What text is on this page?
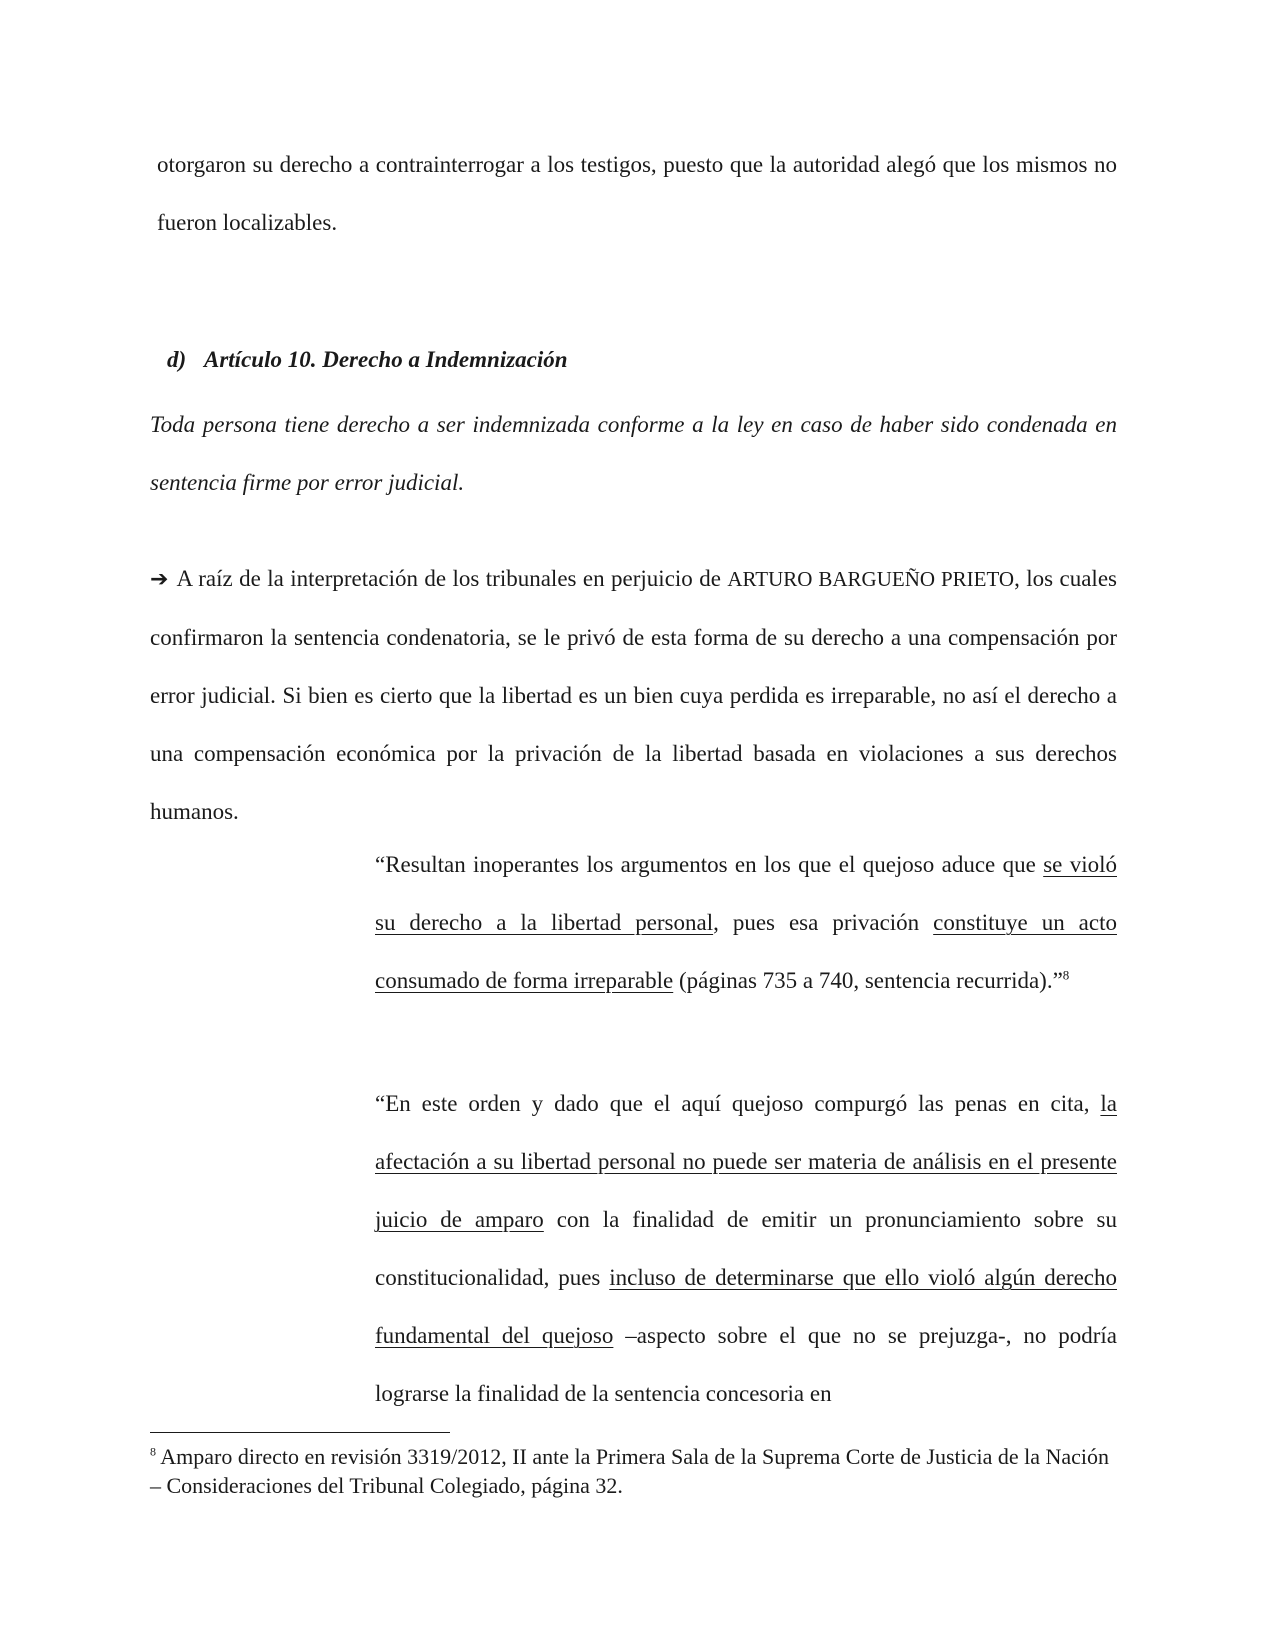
otorgaron su derecho a contrainterrogar a los testigos, puesto que la autoridad alegó que los mismos no fueron localizables.

d) Artículo 10. Derecho a Indemnización

Toda persona tiene derecho a ser indemnizada conforme a la ley en caso de haber sido condenada en sentencia firme por error judicial.

➔ A raíz de la interpretación de los tribunales en perjuicio de ARTURO BARGUEÑO PRIETO, los cuales confirmaron la sentencia condenatoria, se le privó de esta forma de su derecho a una compensación por error judicial. Si bien es cierto que la libertad es un bien cuya perdida es irreparable, no así el derecho a una compensación económica por la privación de la libertad basada en violaciones a sus derechos humanos.

“Resultan inoperantes los argumentos en los que el quejoso aduce que se violó su derecho a la libertad personal, pues esa privación constituye un acto consumado de forma irreparable (páginas 735 a 740, sentencia recurrida).”$^8$

“En este orden y dado que el aquí quejoso compurgó las penas en cita, la afectación a su libertad personal no puede ser materia de análisis en el presente juicio de amparo con la finalidad de emitir un pronunciamiento sobre su constitucionalidad, pues incluso de determinarse que ello violó algún derecho fundamental del quejoso –aspecto sobre el que no se prejuzga-, no podría lograrse la finalidad de la sentencia concesoria en

$^8$ Amparo directo en revisión 3319/2012, II ante la Primera Sala de la Suprema Corte de Justicia de la Nación – Consideraciones del Tribunal Colegiado, página 32.
